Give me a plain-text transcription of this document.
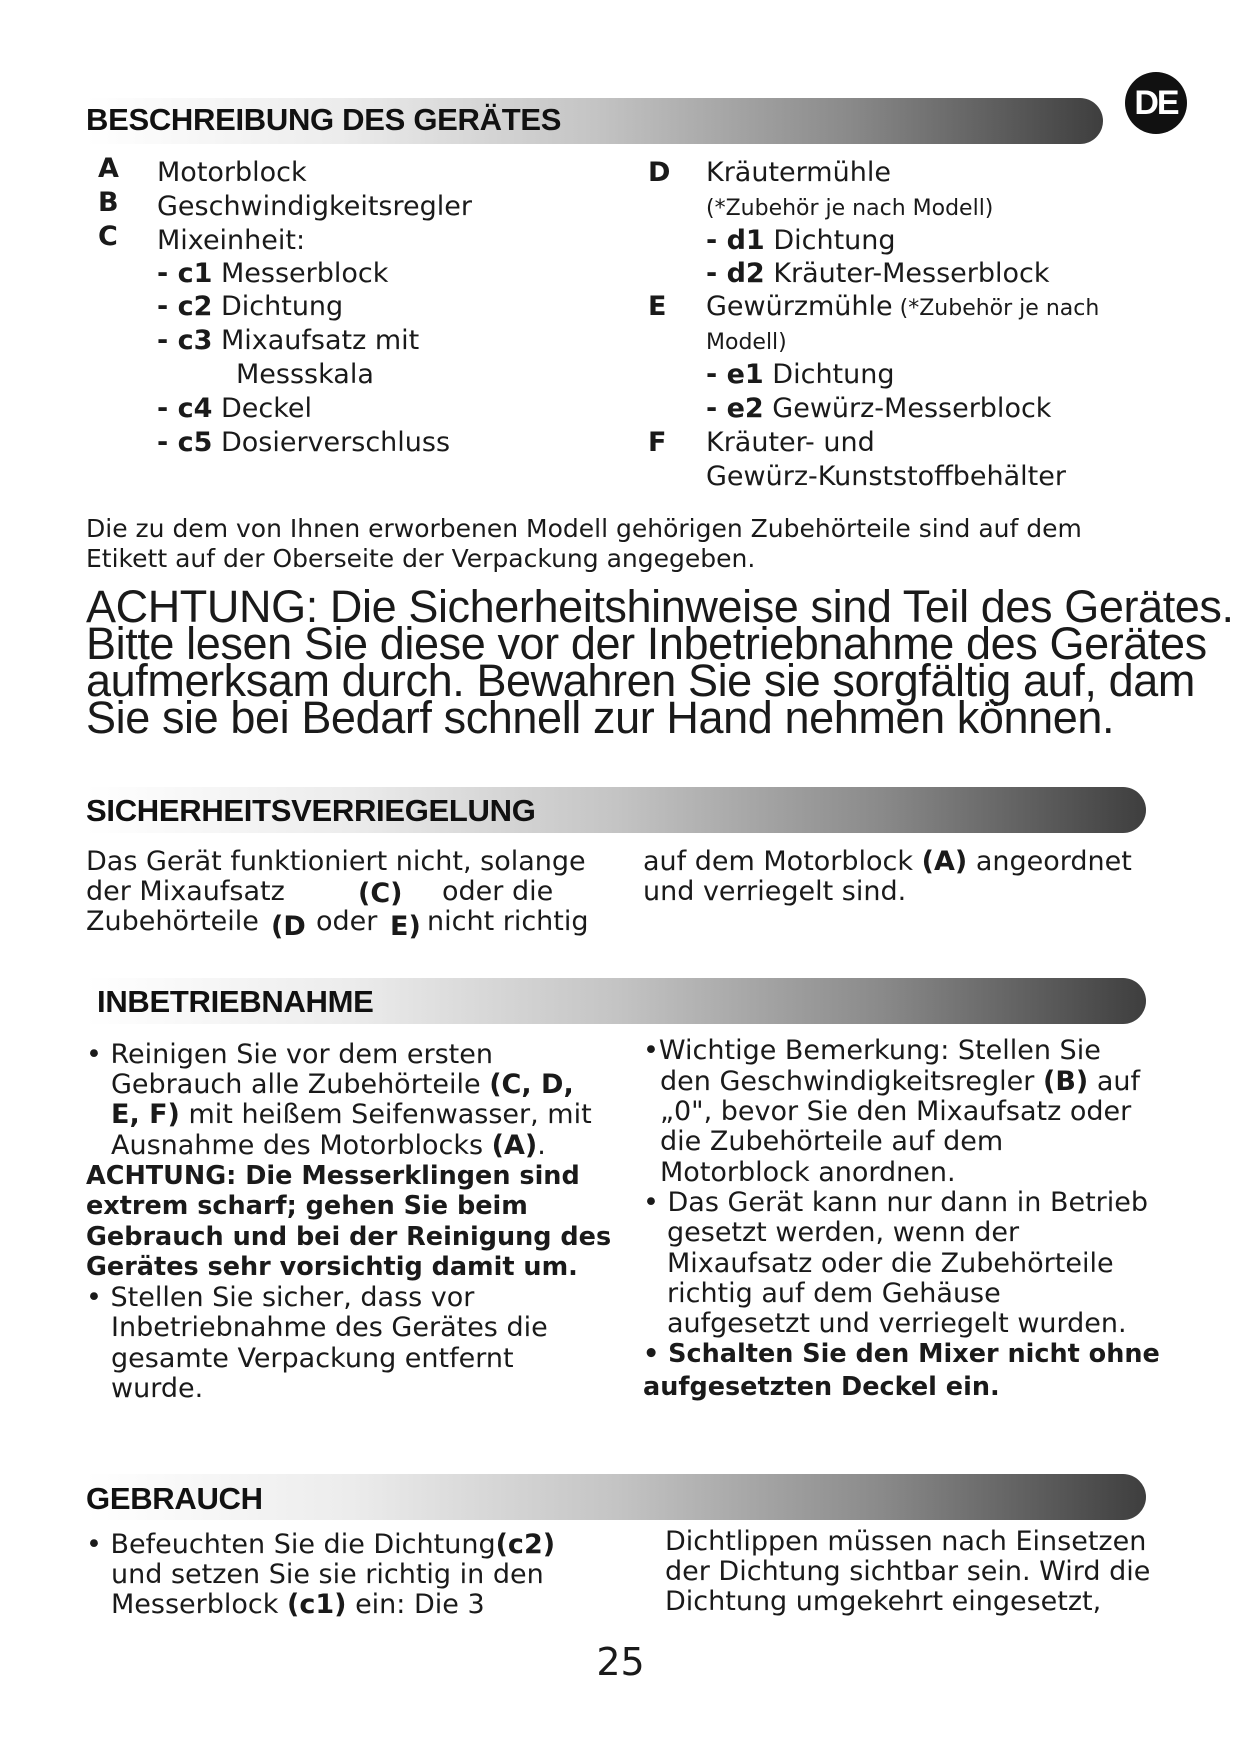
DE
BESCHREIBUNG DES GERÄTES
A Motorblock
B Geschwindigkeitsregler
C Mixeinheit:
- c1 Messerblock
- c2 Dichtung
- c3 Mixaufsatz mit
Messskala
- c4 Deckel
- c5 Dosierverschluss
D Kräutermühle
(*Zubehör je nach Modell)
- d1 Dichtung
- d2 Kräuter-Messerblock
E Gewürzmühle (*Zubehör je nach
Modell)
- e1 Dichtung
- e2 Gewürz-Messerblock
F Kräuter- und
Gewürz-Kunststoffbehälter
Die zu dem von Ihnen erworbenen Modell gehörigen Zubehörteile sind auf dem
Etikett auf der Oberseite der Verpackung angegeben.
ACHTUNG: Die Sicherheitshinweise sind Teil des Gerätes.
Bitte lesen Sie diese vor der Inbetriebnahme des Gerätes
aufmerksam durch. Bewahren Sie sie sorgfältig auf, dam
Sie sie bei Bedarf schnell zur Hand nehmen können.
SICHERHEITSVERRIEGELUNG
Das Gerät funktioniert nicht, solange
der Mixaufsatz	(C) oder die
Zubehörteile (D oder E) nicht richtig
auf dem Motorblock (A) angeordnet
und verriegelt sind.
INBETRIEBNAHME
• Reinigen Sie vor dem ersten
Gebrauch alle Zubehörteile (C, D,
E, F) mit heißem Seifenwasser, mit
Ausnahme des Motorblocks (A).
ACHTUNG: Die Messerklingen sind
extrem scharf; gehen Sie beim
Gebrauch und bei der Reinigung des
Gerätes sehr vorsichtig damit um.
• Stellen Sie sicher, dass vor
Inbetriebnahme des Gerätes die
gesamte Verpackung entfernt
wurde.
•Wichtige Bemerkung: Stellen Sie
den Geschwindigkeitsregler (B) auf
„0", bevor Sie den Mixaufsatz oder
die Zubehörteile auf dem
Motorblock anordnen.
• Das Gerät kann nur dann in Betrieb
gesetzt werden, wenn der
Mixaufsatz oder die Zubehörteile
richtig auf dem Gehäuse
aufgesetzt und verriegelt wurden.
• Schalten Sie den Mixer nicht ohne
aufgesetzten Deckel ein.
GEBRAUCH
• Befeuchten Sie die Dichtung(c2)
und setzen Sie sie richtig in den
Messerblock (c1) ein: Die 3
Dichtlippen müssen nach Einsetzen
der Dichtung sichtbar sein. Wird die
Dichtung umgekehrt eingesetzt,
25
